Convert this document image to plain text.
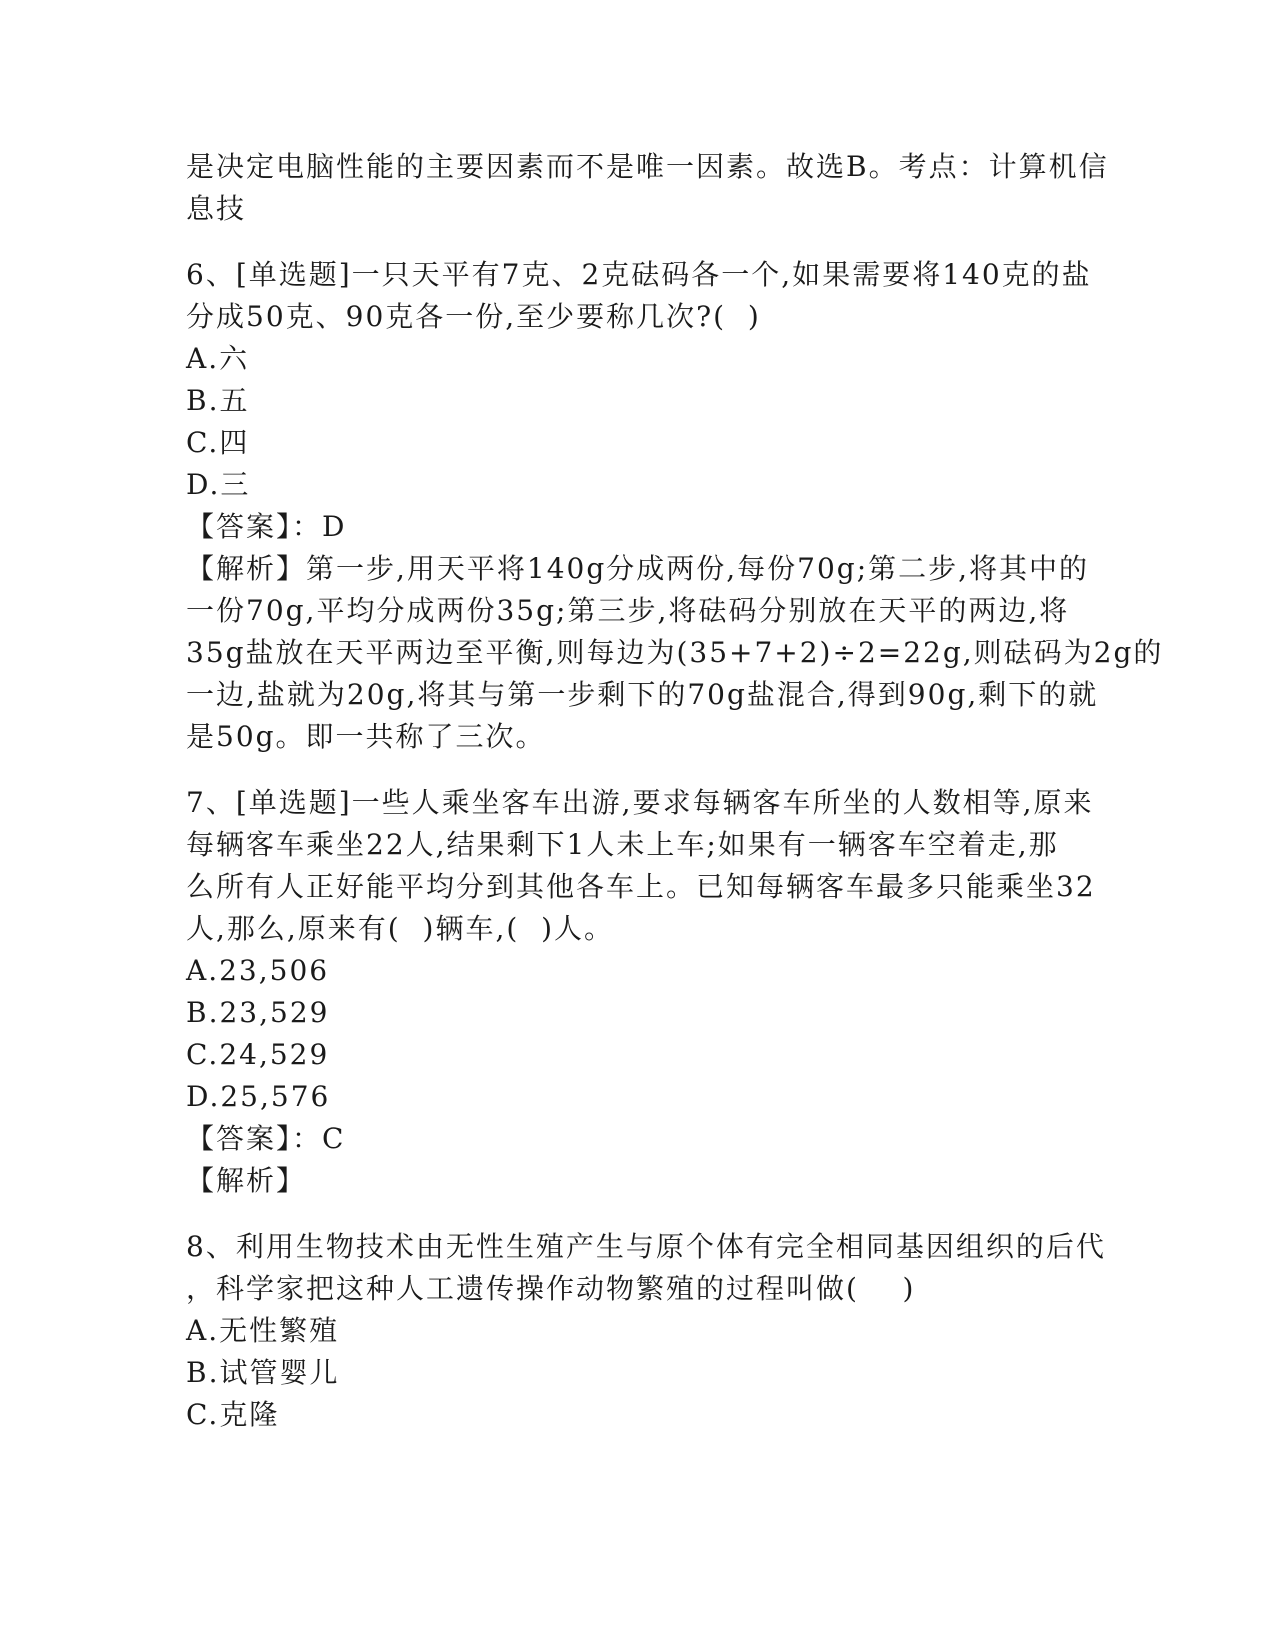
是决定电脑性能的主要因素而不是唯一因素。故选B。考点：计算机信
息技
6、[单选题]一只天平有7克、2克砝码各一个,如果需要将140克的盐
分成50克、90克各一份,至少要称几次?(  )
A.六
B.五
C.四
D.三
【答案】：D
【解析】第一步,用天平将140g分成两份,每份70g;第二步,将其中的
一份70g,平均分成两份35g;第三步,将砝码分别放在天平的两边,将
35g盐放在天平两边至平衡,则每边为(35+7+2)÷2=22g,则砝码为2g的
一边,盐就为20g,将其与第一步剩下的70g盐混合,得到90g,剩下的就
是50g。即一共称了三次。
7、[单选题]一些人乘坐客车出游,要求每辆客车所坐的人数相等,原来
每辆客车乘坐22人,结果剩下1人未上车;如果有一辆客车空着走,那
么所有人正好能平均分到其他各车上。已知每辆客车最多只能乘坐32
人,那么,原来有(  )辆车,(  )人。
A.23,506
B.23,529
C.24,529
D.25,576
【答案】：C
【解析】
8、利用生物技术由无性生殖产生与原个体有完全相同基因组织的后代
，科学家把这种人工遗传操作动物繁殖的过程叫做(    )
A.无性繁殖
B.试管婴儿
C.克隆
